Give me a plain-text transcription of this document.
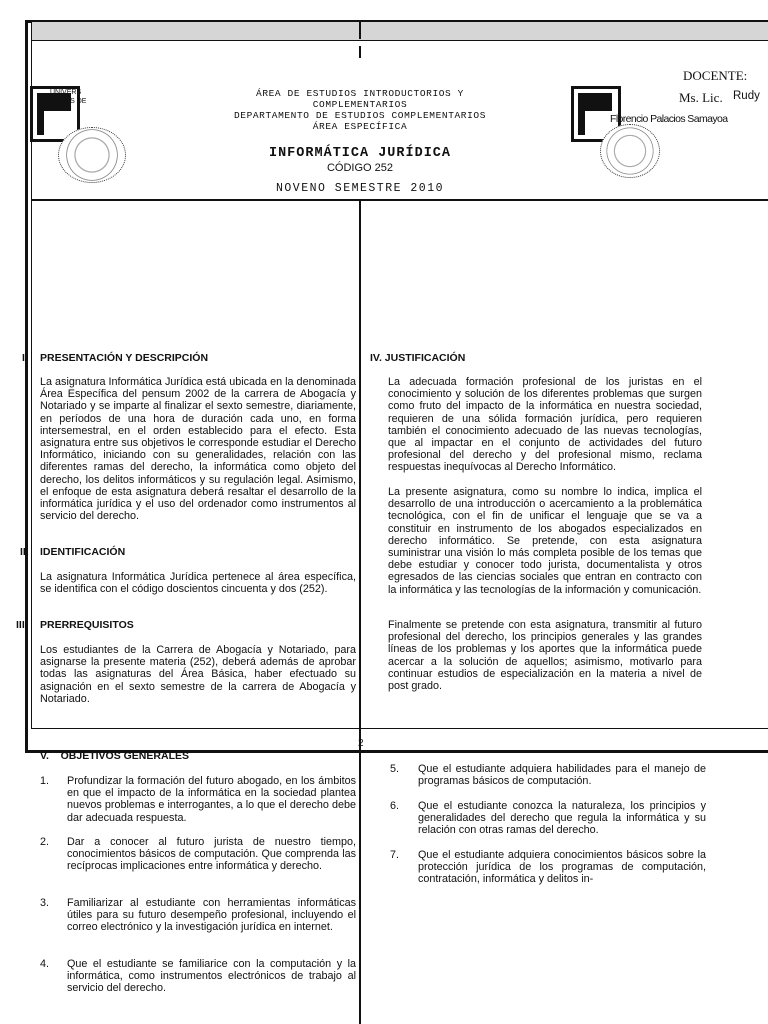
UNIVERS
CARLOS DE
ÁREA DE ESTUDIOS INTRODUCTORIOS Y
COMPLEMENTARIOS
DEPARTAMENTO DE ESTUDIOS COMPLEMENTARIOS
ÁREA ESPECÍFICA
INFORMÁTICA JURÍDICA
CÓDIGO 252
NOVENO SEMESTRE 2010
DOCENTE:
Ms. Lic. Rudy
Florencio Palacios Samayoa
I. PRESENTACIÓN Y DESCRIPCIÓN
La asignatura Informática Jurídica está ubicada en la denominada Área Específica del pensum 2002 de la carrera de Abogacía y Notariado y se imparte al finalizar el sexto semestre, diariamente, en períodos de una hora de duración cada uno, en forma intersemestral, en el orden establecido para el efecto. Esta asignatura entre sus objetivos le corresponde estudiar el Derecho Informático, iniciando con su generalidades, relación con las diferentes ramas del derecho, la informática como objeto del derecho, los delitos informáticos y su regulación legal. Asimismo, el enfoque de esta asignatura deberá resaltar el desarrollo de la informática jurídica y el uso del ordenador como instrumentos al servicio del derecho.
II. IDENTIFICACIÓN
La asignatura Informática Jurídica pertenece al área específica, se identifica con el código doscientos cincuenta y dos (252).
III. PRERREQUISITOS
Los estudiantes de la Carrera de Abogacía y Notariado, para asignarse la presente materia (252), deberá además de aprobar todas las asignaturas del Área Básica, haber efectuado su asignación en el sexto semestre de la carrera de Abogacía y Notariado.
IV. JUSTIFICACIÓN
La adecuada formación profesional de los juristas en el conocimiento y solución de los diferentes problemas que surgen como fruto del impacto de la informática en nuestra sociedad, requieren de una sólida formación jurídica, pero requieren también el conocimiento adecuado de las nuevas tecnologías, que al impactar en el conjunto de actividades del futuro profesional del derecho y del profesional mismo, reclama respuestas inequívocas al Derecho Informático.
La presente asignatura, como su nombre lo indica, implica el desarrollo de una introducción o acercamiento a la problemática tecnológica, con el fin de unificar el lenguaje que se va a constituir en instrumento de los abogados especializados en derecho informático. Se pretende, con esta asignatura suministrar una visión lo más completa posible de los temas que debe estudiar y conocer todo jurista, documentalista y otros egresados de las ciencias sociales que entran en contracto con la informática y las tecnologías de la información y comunicación.
Finalmente se pretende con esta asignatura, transmitir al futuro profesional del derecho, los principios generales y las grandes líneas de los problemas y los aportes que la informática puede acercar a la solución de aquellos; asimismo, motivarlo para continuar estudios de especialización en la materia a nivel de post grado.
2
V.    OBJETIVOS GENERALES
1. Profundizar la formación del futuro abogado, en los ámbitos en que el impacto de la informática en la sociedad plantea nuevos problemas e interrogantes, a lo que el derecho debe dar adecuada respuesta.
2. Dar a conocer al futuro jurista de nuestro tiempo, conocimientos básicos de computación. Que comprenda las recíprocas implicaciones entre informática y derecho.
3. Familiarizar al estudiante con herramientas informáticas útiles para su futuro desempeño profesional, incluyendo el correo electrónico y la investigación jurídica en internet.
4. Que el estudiante se familiarice con la computación y la informática, como instrumentos electrónicos de trabajo al servicio del derecho.
5. Que el estudiante adquiera habilidades para el manejo de programas básicos de computación.
6. Que el estudiante conozca la naturaleza, los principios y generalidades del derecho que regula la informática y su relación con otras ramas del derecho.
7. Que el estudiante adquiera conocimientos básicos sobre la protección jurídica de los programas de computación, contratación, informática y delitos in-
